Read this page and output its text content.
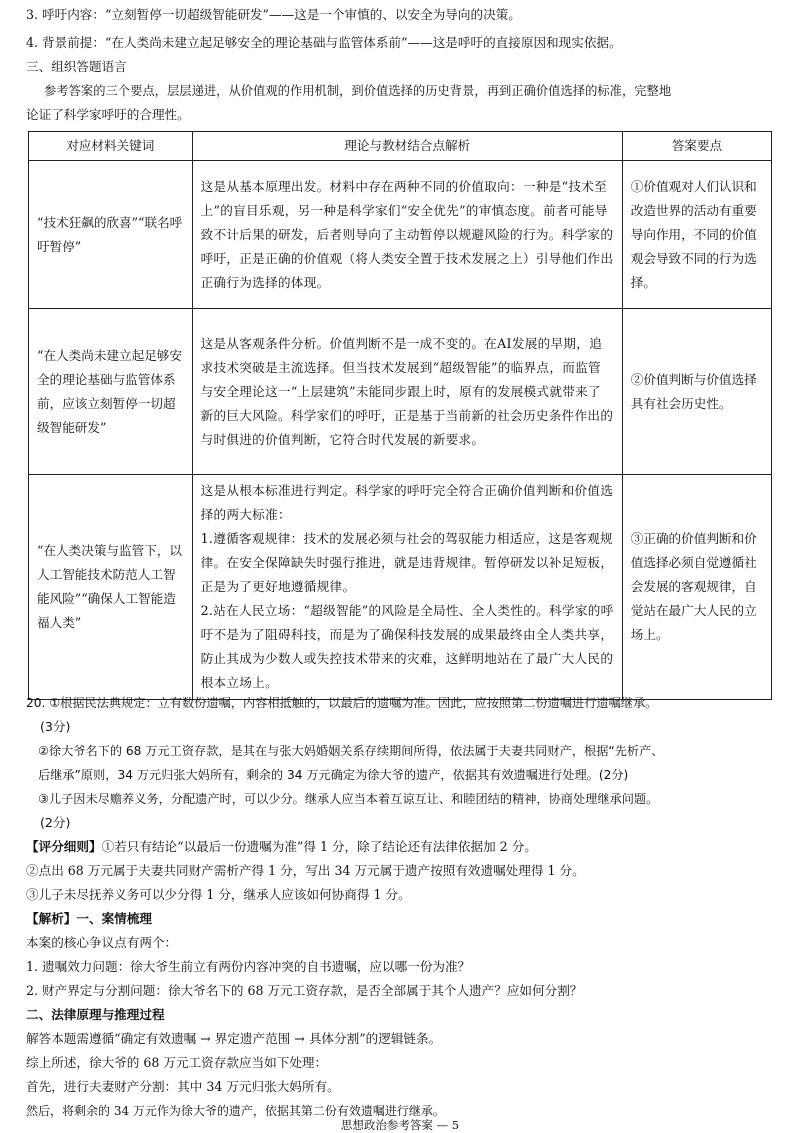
3. 呼吁内容：“立刻暂停一切超级智能研发”——这是一个审慎的、以安全为导向的决策。
4. 背景前提：“在人类尚未建立起足够安全的理论基础与监管体系前”——这是呼吁的直接原因和现实依据。
三、组织答题语言
参考答案的三个要点，层层递进，从价值观的作用机制，到价值选择的历史背景，再到正确价值选择的标准，完整地
论证了科学家呼吁的合理性。
对应材料关键词	理论与教材结合点解析	答案要点
“技术狂飙的欣喜”“联名呼吁暂停”	这是从基本原理出发。材料中存在两种不同的价值取向：一种是“技术至上”的盲目乐观，另一种是科学家们“安全优先”的审慎态度。前者可能导致不计后果的研发，后者则导向了主动暂停以规避风险的行为。科学家的呼吁，正是正确的价值观（将人类安全置于技术发展之上）引导他们作出正确行为选择的体现。	①价值观对人们认识和改造世界的活动有重要导向作用，不同的价值观会导致不同的行为选择。
“在人类尚未建立起足够安全的理论基础与监管体系前，应该立刻暂停一切超级智能研发”	这是从客观条件分析。价值判断不是一成不变的。在AI发展的早期，追求技术突破是主流选择。但当技术发展到“超级智能”的临界点，而监管与安全理论这一“上层建筑”未能同步跟上时，原有的发展模式就带来了新的巨大风险。科学家们的呼吁，正是基于当前新的社会历史条件作出的与时俱进的价值判断，它符合时代发展的新要求。	②价值判断与价值选择具有社会历史性。
“在人类决策与监管下，以人工智能技术防范人工智能风险”“确保人工智能造福人类”	这是从根本标准进行判定。科学家的呼吁完全符合正确价值判断和价值选择的两大标准：
1.遵循客观规律：技术的发展必须与社会的驾驭能力相适应，这是客观规律。在安全保障缺失时强行推进，就是违背规律。暂停研发以补足短板，正是为了更好地遵循规律。
2.站在人民立场：“超级智能”的风险是全局性、全人类性的。科学家的呼吁不是为了阻碍科技，而是为了确保科技发展的成果最终由全人类共享，防止其成为少数人或失控技术带来的灾难，这鲜明地站在了最广大人民的根本立场上。	③正确的价值判断和价值选择必须自觉遵循社会发展的客观规律，自觉站在最广大人民的立场上。
20. ①根据民法典规定：立有数份遗嘱，内容相抵触的，以最后的遗嘱为准。因此，应按照第二份遗嘱进行遗嘱继承。
(3分)
②徐大爷名下的 68 万元工资存款，是其在与张大妈婚姻关系存续期间所得，依法属于夫妻共同财产，根据“先析产、
后继承”原则，34 万元归张大妈所有，剩余的 34 万元确定为徐大爷的遗产，依据其有效遗嘱进行处理。(2分)
③儿子因未尽赡养义务，分配遗产时，可以少分。继承人应当本着互谅互让、和睦团结的精神，协商处理继承问题。
(2分)
【评分细则】①若只有结论“以最后一份遗嘱为准”得 1 分，除了结论还有法律依据加 2 分。
②点出 68 万元属于夫妻共同财产需析产得 1 分，写出 34 万元属于遗产按照有效遗嘱处理得 1 分。
③儿子未尽抚养义务可以少分得 1 分，继承人应该如何协商得 1 分。
【解析】一、案情梳理
本案的核心争议点有两个：
1. 遗嘱效力问题：徐大爷生前立有两份内容冲突的自书遗嘱，应以哪一份为准？
2. 财产界定与分割问题：徐大爷名下的 68 万元工资存款，是否全部属于其个人遗产？应如何分割？
二、法律原理与推理过程
解答本题需遵循“确定有效遗嘱 → 界定遗产范围 → 具体分割”的逻辑链条。
综上所述，徐大爷的 68 万元工资存款应当如下处理：
首先，进行夫妻财产分割：其中 34 万元归张大妈所有。
然后，将剩余的 34 万元作为徐大爷的遗产，依据其第二份有效遗嘱进行继承。
思想政治参考答案 — 5
